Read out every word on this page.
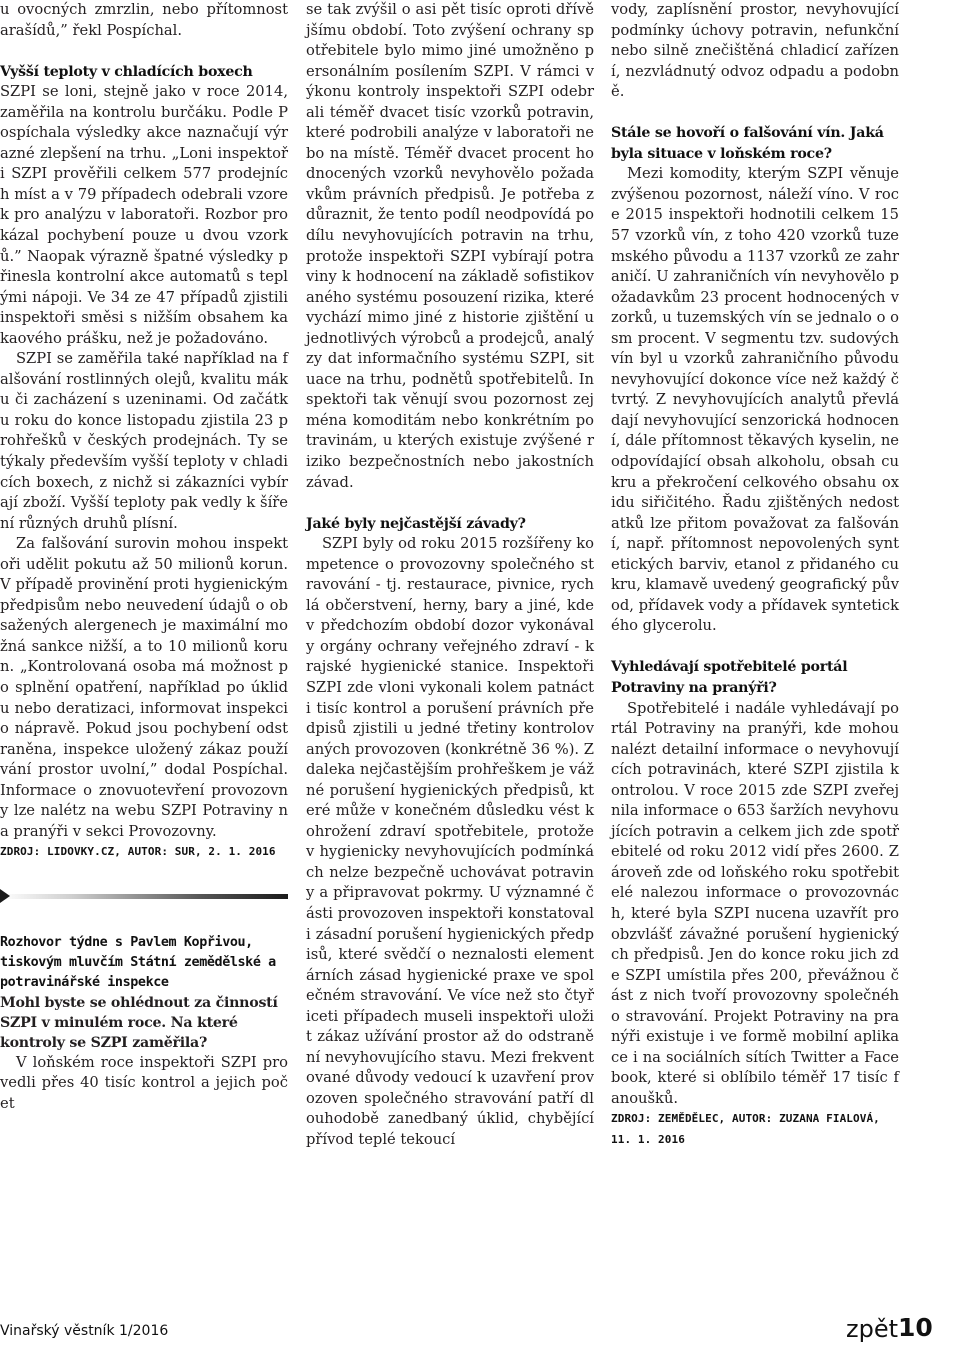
u ovocných zmrzlin, nebo přítomnost arašídů,” řekl Pospíchal.

Vyšší teploty v chladících boxech

SZPI se loni, stejně jako v roce 2014, zaměřila na kontrolu burčáku. Podle Pospíchala výsledky akce naznačují výrazné zlepšení na trhu. „Loni inspektoři SZPI prověřili celkem 577 prodejních míst a v 79 případech odebrali vzorek pro analýzu v laboratoři. Rozbor prokázal pochybení pouze u dvou vzorků.” Naopak výrazně špatné výsledky přinesla kontrolní akce automatů s teplými nápoji. Ve 34 ze 47 případů zjistili inspektoři směsi s nižším obsahem kakaového prášku, než je požadováno.

SZPI se zaměřila také například na falšování rostlinných olejů, kvalitu máku či zacházení s uzeninami. Od začátku roku do konce listopadu zjistila 23 prohřešků v českých prodejnách. Ty se týkaly především vyšší teploty v chladicích boxech, z nichž si zákazníci vybírají zboží. Vyšší teploty pak vedly k šíření různých druhů plísní.

Za falšování surovin mohou inspektoři udělit pokutu až 50 milionů korun. V případě provinění proti hygienickým předpisům nebo neuvedení údajů o obsažených alergenech je maximální možná sankce nižší, a to 10 milionů korun. „Kontrolovaná osoba má možnost po splnění opatření, například po úklidu nebo deratizaci, informovat inspekci o nápravě. Pokud jsou pochybení odstraněna, inspekce uložený zákaz používání prostor uvolní,” dodal Pospíchal. Informace o znovuotevření provozovny lze nalétz na webu SZPI Potraviny na pranýři v sekci Provozovny.

ZDROJ: LIDOVKY.CZ, AUTOR: SUR, 2. 1. 2016
Rozhovor týdne s Pavlem Kopřivou, tiskovým mluvčím Státní zemědělské a potravinářské inspekce
Mohl byste se ohlédnout za činností SZPI v minulém roce. Na které kontroly se SZPI zaměřila?

V loňském roce inspektoři SZPI provedli přes 40 tisíc kontrol a jejich počet

se tak zvýšil o asi pět tisíc oproti dřívějšímu období. Toto zvýšení ochrany spotřebitele bylo mimo jiné umožněno personálním posílením SZPI. V rámci výkonu kontroly inspektoři SZPI odebrali téměř dvacet tisíc vzorků potravin, které podrobili analýze v laboratoři nebo na místě. Téměř dvacet procent hodnocených vzorků nevyhovělo požadavkům právních předpisů. Je potřeba zdůraznit, že tento podíl neodpovídá podílu nevyhovujících potravin na trhu, protože inspektoři SZPI vybírají potraviny k hodnocení na základě sofistikovaného systému posouzení rizika, které vychází mimo jiné z historie zjištění u jednotlivých výrobců a prodejců, analýzy dat informačního systému SZPI, situace na trhu, podnětů spotřebitelů. Inspektoři tak věnují svou pozornost zejména komoditám nebo konkrétním potravinám, u kterých existuje zvýšené riziko bezpečnostních nebo jakostních závad.

Jaké byly nejčastější závady?

SZPI byly od roku 2015 rozšířeny kompetence o provozovny společného stravování - tj. restaurace, pivnice, rychlá občerstvení, herny, bary a jiné, kde v předchozím období dozor vykonávaly orgány ochrany veřejného zdraví - krajské hygienické stanice. Inspektoři SZPI zde vloni vykonali kolem patnácti tisíc kontrol a porušení právních předpisů zjistili u jedné třetiny kontrolovaných provozoven (konkrétně 36 %). Zdaleka nejčastějším prohřeškem je vážné porušení hygienických předpisů, které může v konečném důsledku vést k ohrožení zdraví spotřebitele, protože v hygienicky nevyhovujících podmínkách nelze bezpečně uchovávat potraviny a připravovat pokrmy. U významné části provozoven inspektoři konstatovali zásadní porušení hygienických předpisů, které svědčí o neznalosti elementárních zásad hygienické praxe ve společném stravování. Ve více než sto čtyřiceti případech museli inspektoři uložit zákaz užívání prostor až do odstranění nevyhovujícího stavu. Mezi frekventované důvody vedoucí k uzavření provozoven společného stravování patří dlouhodobě zanedbaný úklid, chybějící přívod teplé tekoucí

vody, zaplísnění prostor, nevyhovující podmínky úchovy potravin, nefunkční nebo silně znečištěná chladicí zařízení, nezvládnutý odvoz odpadu a podobně.

Stále se hovoří o falšování vín. Jaká byla situace v loňském roce?

Mezi komodity, kterým SZPI věnuje zvýšenou pozornost, náleží víno. V roce 2015 inspektoři hodnotili celkem 1557 vzorků vín, z toho 420 vzorků tuzemského původu a 1137 vzorků ze zahraničí. U zahraničních vín nevyhovělo požadavkům 23 procent hodnocených vzorků, u tuzemských vín se jednalo o osm procent. V segmentu tzv. sudových vín byl u vzorků zahraničního původu nevyhovující dokonce více než každý čtvrtý. Z nevyhovujících analytů převládají nevyhovující senzorická hodnocení, dále přítomnost těkavých kyselin, neodpovídající obsah alkoholu, obsah cukru a překročení celkového obsahu oxidu siřičitého. Řadu zjištěných nedostatků lze přitom považovat za falšování, např. přítomnost nepovolených syntetických barviv, etanol z přidaného cukru, klamavě uvedený geografický původ, přídavek vody a přídavek syntetického glycerolu.

Vyhledávají spotřebitelé portál Potraviny na pranýři?

Spotřebitelé i nadále vyhledávají portál Potraviny na pranýři, kde mohou nalézt detailní informace o nevyhovujících potravinách, které SZPI zjistila kontrolou. V roce 2015 zde SZPI zveřejnila informace o 653 šaržích nevyhovujících potravin a celkem jich zde spotřebitelé od roku 2012 vidí přes 2600. Zároveň zde od loňského roku spotřebitelé nalezou informace o provozovnách, které byla SZPI nucena uzavřít pro obzvlášť závažné porušení hygienických předpisů. Jen do konce roku jich zde SZPI umístila přes 200, převážnou část z nich tvoří provozovny společného stravování. Projekt Potraviny na pranýři existuje i ve formě mobilní aplikace i na sociálních sítích Twitter a Facebook, které si oblíbilo téměř 17 tisíc fanoušků.

ZDROJ: ZEMĚDĚLEC, AUTOR: ZUZANA FIALOVÁ, 11. 1. 2016
Vinařský věstník 1/2016	zpět 10
